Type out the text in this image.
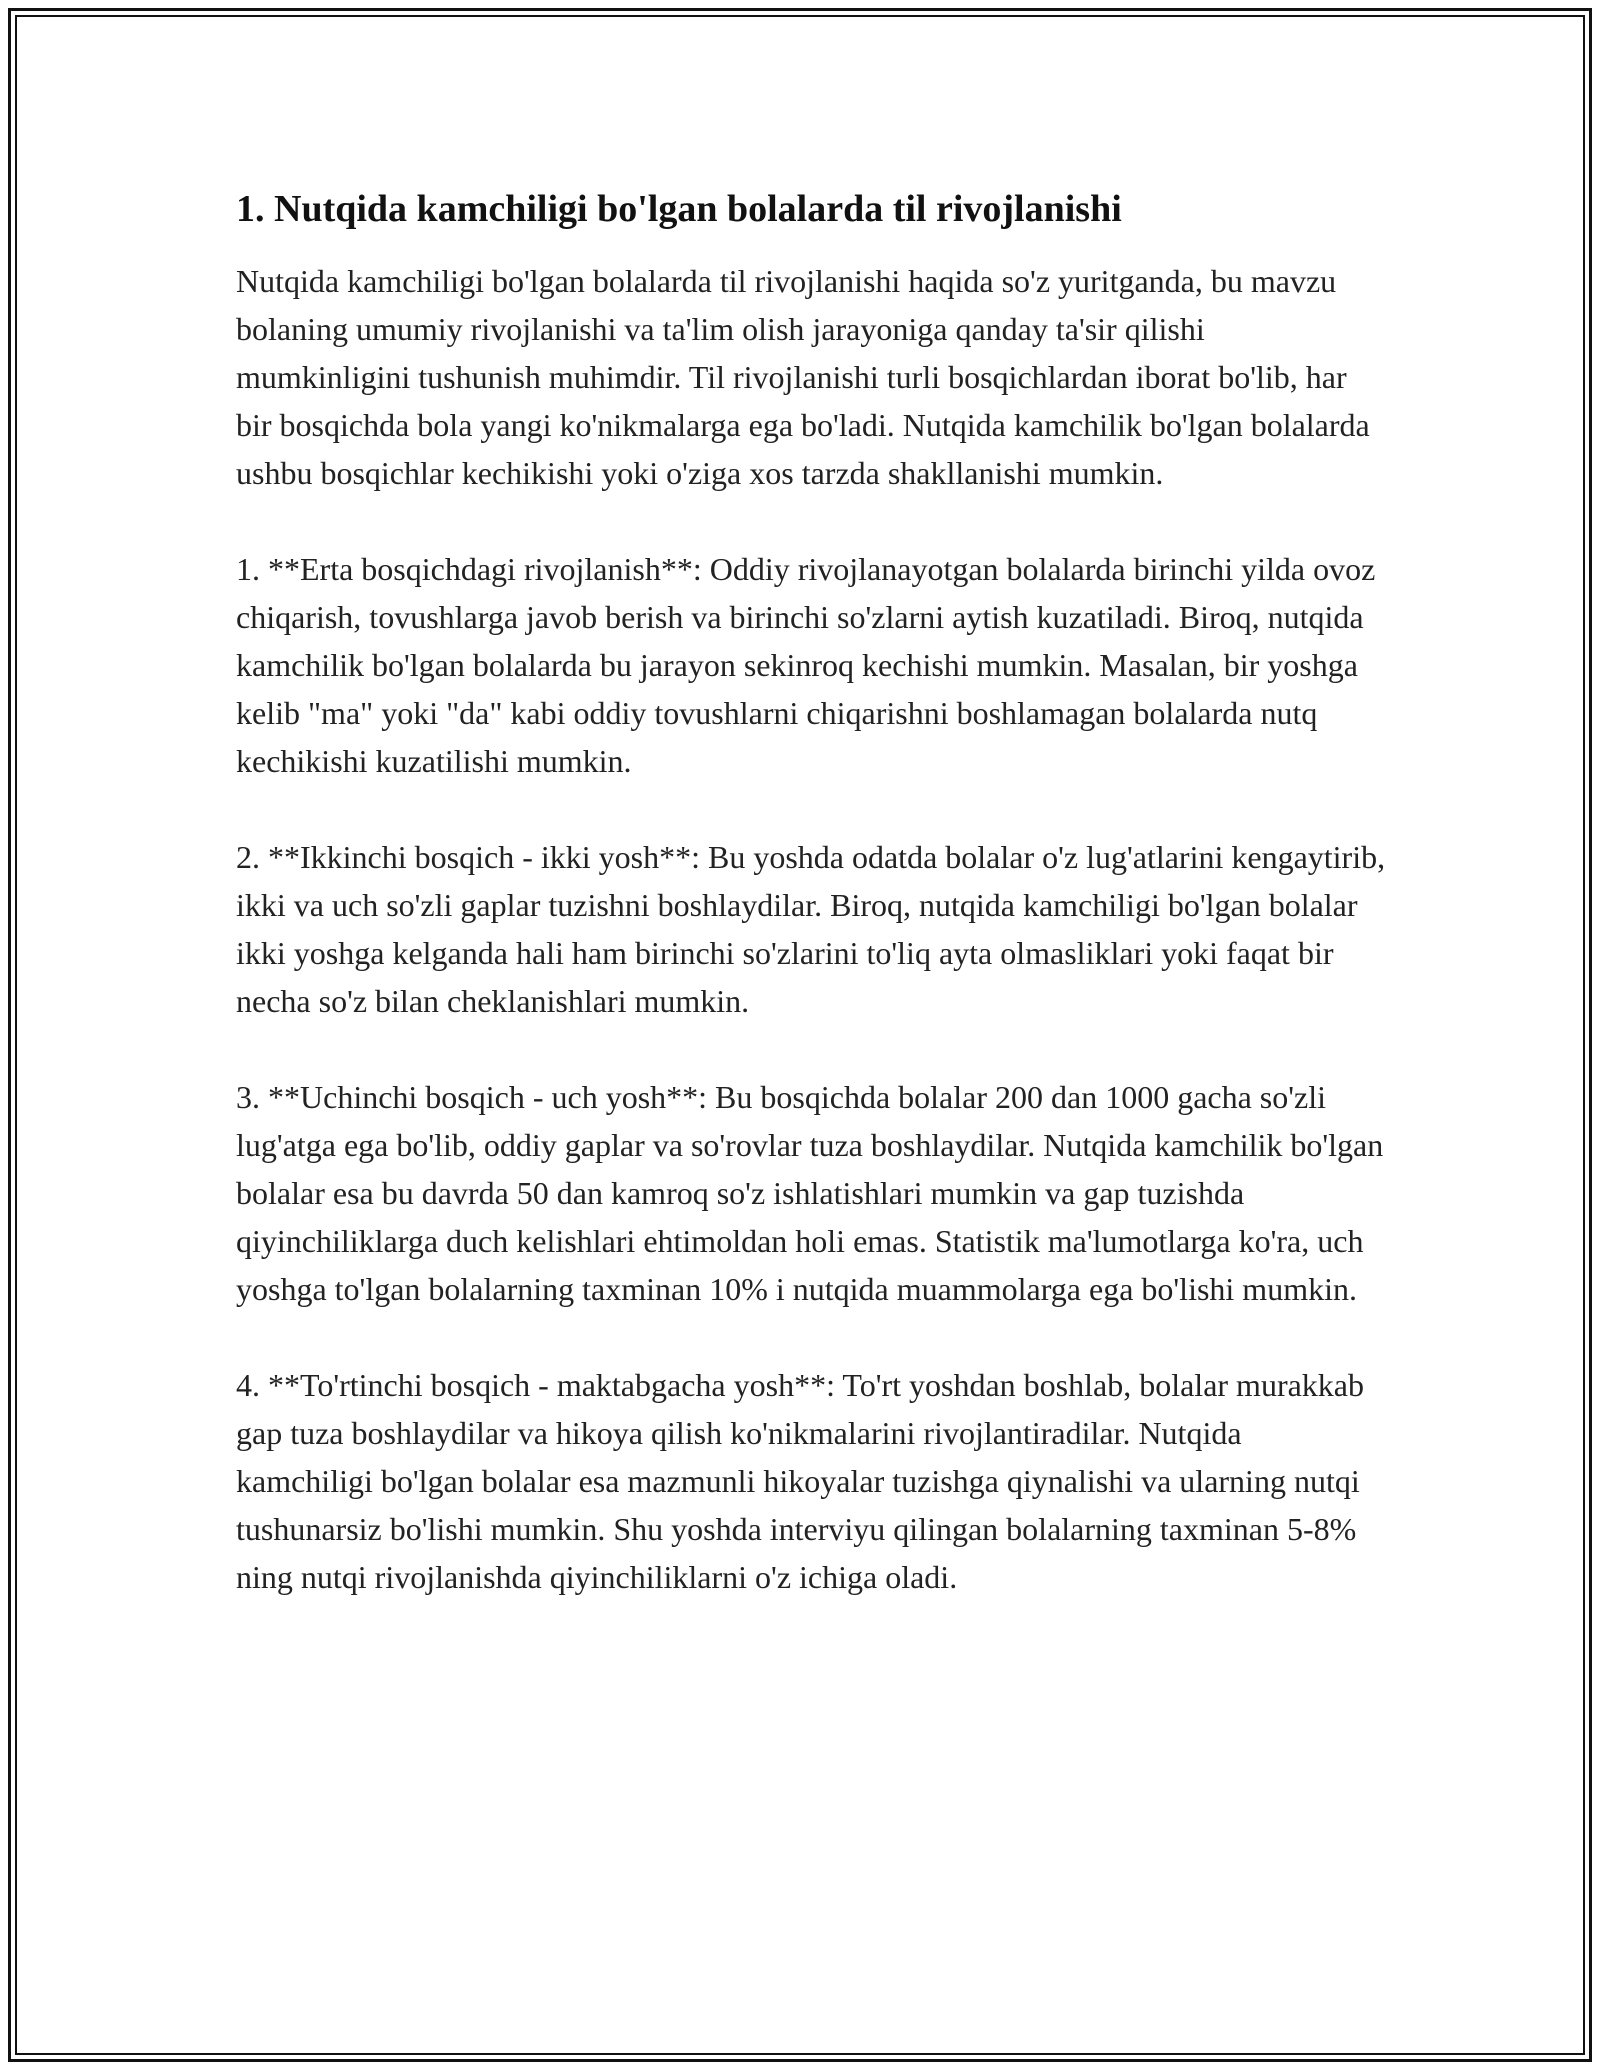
1. Nutqida kamchiligi bo'lgan bolalarda til rivojlanishi

Nutqida kamchiligi bo'lgan bolalarda til rivojlanishi haqida so'z yuritganda, bu mavzu bolaning umumiy rivojlanishi va ta'lim olish jarayoniga qanday ta'sir qilishi mumkinligini tushunish muhimdir. Til rivojlanishi turli bosqichlardan iborat bo'lib, har bir bosqichda bola yangi ko'nikmalarga ega bo'ladi. Nutqida kamchilik bo'lgan bolalarda ushbu bosqichlar kechikishi yoki o'ziga xos tarzda shakllanishi mumkin.

1. **Erta bosqichdagi rivojlanish**: Oddiy rivojlanayotgan bolalarda birinchi yilda ovoz chiqarish, tovushlarga javob berish va birinchi so'zlarni aytish kuzatiladi. Biroq, nutqida kamchilik bo'lgan bolalarda bu jarayon sekinroq kechishi mumkin. Masalan, bir yoshga kelib "ma" yoki "da" kabi oddiy tovushlarni chiqarishni boshlamagan bolalarda nutq kechikishi kuzatilishi mumkin.

2. **Ikkinchi bosqich - ikki yosh**: Bu yoshda odatda bolalar o'z lug'atlarini kengaytirib, ikki va uch so'zli gaplar tuzishni boshlaydilar. Biroq, nutqida kamchiligi bo'lgan bolalar ikki yoshga kelganda hali ham birinchi so'zlarini to'liq ayta olmasliklari yoki faqat bir necha so'z bilan cheklanishlari mumkin.

3. **Uchinchi bosqich - uch yosh**: Bu bosqichda bolalar 200 dan 1000 gacha so'zli lug'atga ega bo'lib, oddiy gaplar va so'rovlar tuza boshlaydilar. Nutqida kamchilik bo'lgan bolalar esa bu davrda 50 dan kamroq so'z ishlatishlari mumkin va gap tuzishda qiyinchiliklarga duch kelishlari ehtimoldan holi emas. Statistik ma'lumotlarga ko'ra, uch yoshga to'lgan bolalarning taxminan 10% i nutqida muammolarga ega bo'lishi mumkin.

4. **To'rtinchi bosqich - maktabgacha yosh**: To'rt yoshdan boshlab, bolalar murakkab gap tuza boshlaydilar va hikoya qilish ko'nikmalarini rivojlantiradilar. Nutqida kamchiligi bo'lgan bolalar esa mazmunli hikoyalar tuzishga qiynalishi va ularning nutqi tushunarsiz bo'lishi mumkin. Shu yoshda interviyu qilingan bolalarning taxminan 5-8% ning nutqi rivojlanishda qiyinchiliklarni o'z ichiga oladi.
